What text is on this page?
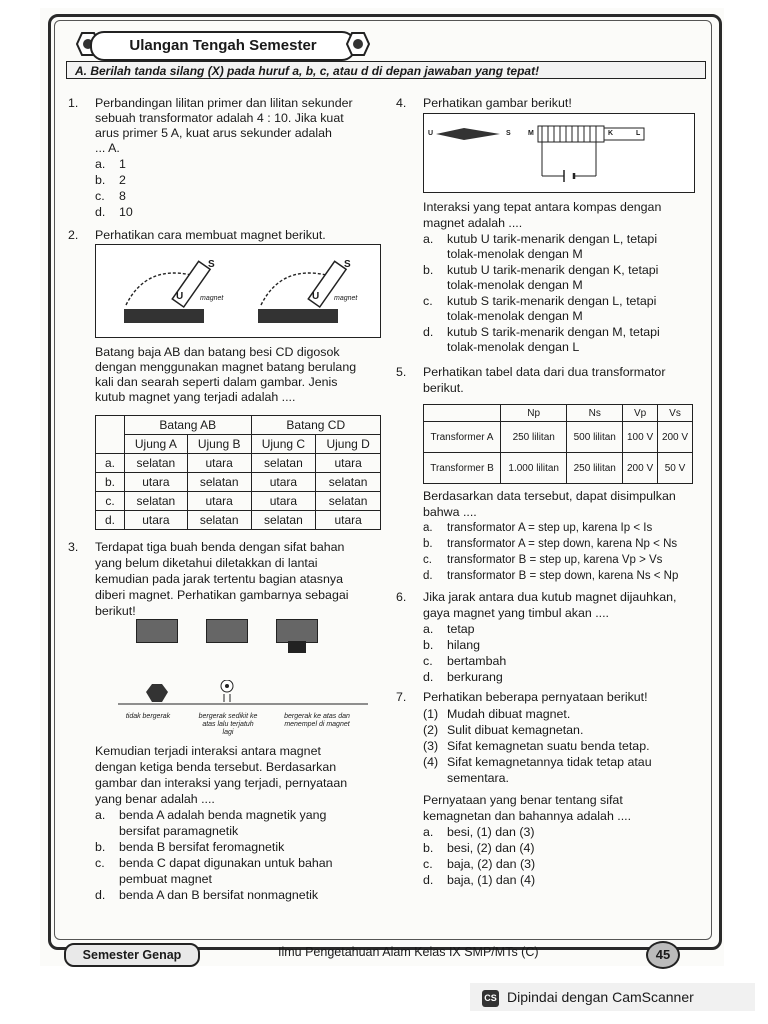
Ulangan Tengah Semester
A. Berilah tanda silang (X) pada huruf a, b, c, atau d di depan jawaban yang tepat!
1. Perbandingan lilitan primer dan lilitan sekunder
sebuah transformator adalah 4 : 10. Jika kuat
arus primer 5 A, kuat arus sekunder adalah
... A.
a. 1
b. 2
c. 8
d. 10
2. Perhatikan cara membuat magnet berikut.
S	S
U	U
magnet	magnet
Batang baja AB dan batang besi CD digosok
dengan menggunakan magnet batang berulang
kali dan searah seperti dalam gambar. Jenis
kutub magnet yang terjadi adalah ....
	Batang AB		Batang CD	
	Ujung A	Ujung B	Ujung C	Ujung D
a.	selatan	utara	selatan	utara
b.	utara	selatan	utara	selatan
c.	selatan	utara	utara	selatan
d.	utara	selatan	selatan	utara
3. Terdapat tiga buah benda dengan sifat bahan
yang belum diketahui diletakkan di lantai
kemudian pada jarak tertentu bagian atasnya
diberi magnet. Perhatikan gambarnya sebagai
berikut!
tidak bergerak	bergerak sedikit ke atas lalu terjatuh lagi
bergerak ke atas dan menempel di magnet
Kemudian terjadi interaksi antara magnet
dengan ketiga benda tersebut. Berdasarkan
gambar dan interaksi yang terjadi, pernyataan
yang benar adalah ....
a. benda A adalah benda magnetik yang
bersifat paramagnetik
b. benda B bersifat feromagnetik
c. benda C dapat digunakan untuk bahan
pembuat magnet
d. benda A dan B bersifat nonmagnetik
4. Perhatikan gambar berikut!
U	S M	K	L
Interaksi yang tepat antara kompas dengan
magnet adalah ....
a. kutub U tarik-menarik dengan L, tetapi
tolak-menolak dengan M
b. kutub U tarik-menarik dengan K, tetapi
tolak-menolak dengan M
c. kutub S tarik-menarik dengan L, tetapi
tolak-menolak dengan M
d. kutub S tarik-menarik dengan M, tetapi
tolak-menolak dengan L
5. Perhatikan tabel data dari dua transformator
berikut.
	Np	Ns	Vp	Vs
Transformer A	250 lilitan	500 lilitan	100 V	200 V
Transformer B	1.000 lilitan	250 lilitan	200 V	50 V
Berdasarkan data tersebut, dapat disimpulkan
bahwa ....
a. transformator A = step up, karena Ip < Is
b. transformator A = step down, karena Np < Ns
c. transformator B = step up, karena Vp > Vs
d. transformator B = step down, karena Ns < Np
6. Jika jarak antara dua kutub magnet dijauhkan,
gaya magnet yang timbul akan ....
a. tetap
b. hilang
c. bertambah
d. berkurang
7. Perhatikan beberapa pernyataan berikut!
(1) Mudah dibuat magnet.
(2) Sulit dibuat kemagnetan.
(3) Sifat kemagnetan suatu benda tetap.
(4) Sifat kemagnetannya tidak tetap atau
sementara.
Pernyataan yang benar tentang sifat
kemagnetan dan bahannya adalah ....
a. besi, (1) dan (3)
b. besi, (2) dan (4)
c. baja, (2) dan (3)
d. baja, (1) dan (4)
Semester Genap	Ilmu Pengetahuan Alam Kelas IX SMP/MTs (C)	45
CS Dipindai dengan CamScanner
